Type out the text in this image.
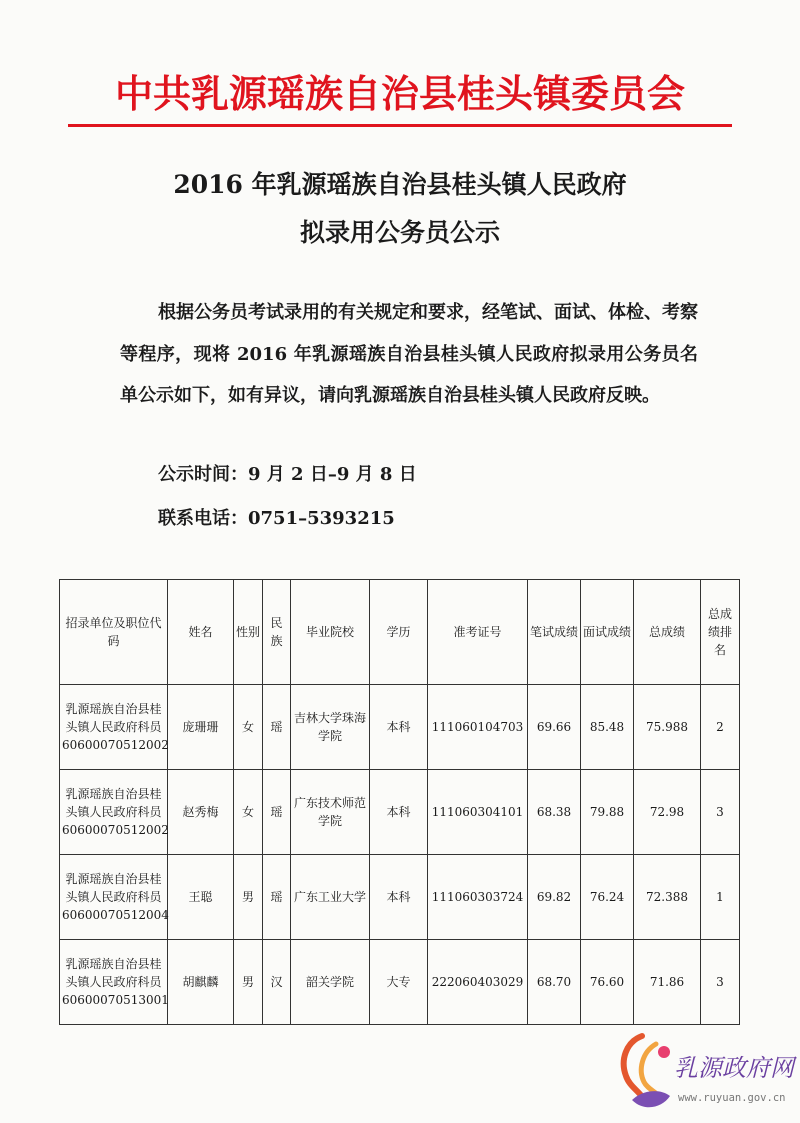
中共乳源瑶族自治县桂头镇委员会
2016 年乳源瑶族自治县桂头镇人民政府
拟录用公务员公示
根据公务员考试录用的有关规定和要求，经笔试、面试、体检、考察等程序，现将 2016 年乳源瑶族自治县桂头镇人民政府拟录用公务员名单公示如下，如有异议，请向乳源瑶族自治县桂头镇人民政府反映。
公示时间：9 月 2 日–9 月 8 日
联系电话：0751–5393215
招录单位及职位代码	姓名	性别	民族	毕业院校	学历	准考证号	笔试成绩	面试成绩	总成绩	总成绩排名
乳源瑶族自治县桂头镇人民政府科员60600070512002	庞珊珊	女	瑶	吉林大学珠海学院	本科	111060104703	69.66	85.48	75.988	2
乳源瑶族自治县桂头镇人民政府科员60600070512002	赵秀梅	女	瑶	广东技术师范学院	本科	111060304101	68.38	79.88	72.98	3
乳源瑶族自治县桂头镇人民政府科员60600070512004	王聪	男	瑶	广东工业大学	本科	111060303724	69.82	76.24	72.388	1
乳源瑶族自治县桂头镇人民政府科员60600070513001	胡麒麟	男	汉	韶关学院	大专	222060403029	68.70	76.60	71.86	3
乳源政府网
www.ruyuan.gov.cn
